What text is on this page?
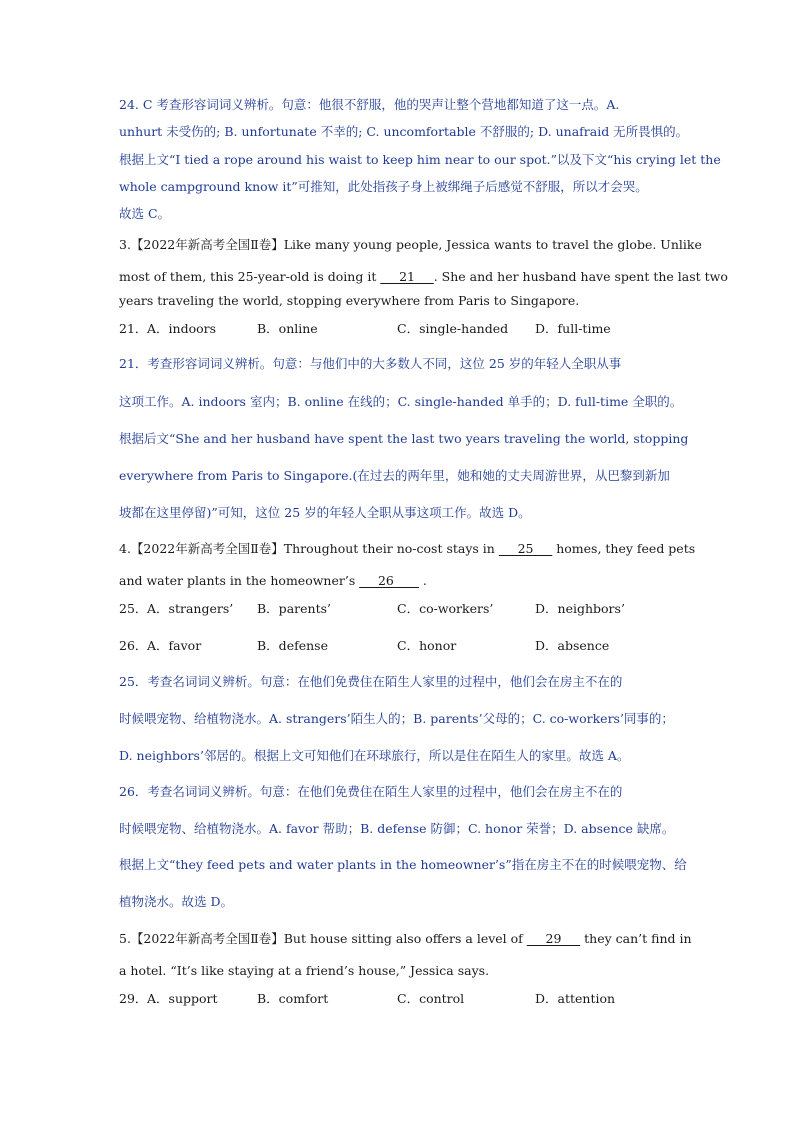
24. C 考查形容词词义辨析。句意：他很不舒服，他的哭声让整个营地都知道了这一点。A.
unhurt 未受伤的; B. unfortunate 不幸的; C. uncomfortable 不舒服的; D. unafraid 无所畏惧的。
根据上文“I tied a rope around his waist to keep him near to our spot.”以及下文“his crying let the
whole campground know it”可推知，此处指孩子身上被绑绳子后感觉不舒服，所以才会哭。
故选 C。
3.【2022年新高考全国Ⅱ卷】Like many young people, Jessica wants to travel the globe. Unlike
most of them, this 25-year-old is doing it ___21___. She and her husband have spent the last two
years traveling the world, stopping everywhere from Paris to Singapore.
21． A．indoors	B．online	C．single-handed D．full-time
21．考查形容词词义辨析。句意：与他们中的大多数人不同，这位 25 岁的年轻人全职从事
这项工作。A. indoors 室内；B. online 在线的；C. single-handed 单手的；D. full-time 全职的。
根据后文“She and her husband have spent the last two years traveling the world, stopping
everywhere from Paris to Singapore.(在过去的两年里，她和她的丈夫周游世界，从巴黎到新加
坡都在这里停留)”可知，这位 25 岁的年轻人全职从事这项工作。故选 D。
4.【2022年新高考全国Ⅱ卷】Throughout their no-cost stays in ___25___ homes, they feed pets
and water plants in the homeowner’s ___26____ .
25． A．strangers’ B．parents’	C．co-workers’	D．neighbors’
26． A．favor	B．defense	C．honor	D．absence
25．考查名词词义辨析。句意：在他们免费住在陌生人家里的过程中，他们会在房主不在的
时候喂宠物、给植物浇水。A. strangers’陌生人的；B. parents’父母的；C. co-workers’同事的；
D. neighbors’邻居的。根据上文可知他们在环球旅行，所以是住在陌生人的家里。故选 A。
26．考查名词词义辨析。句意：在他们免费住在陌生人家里的过程中，他们会在房主不在的
时候喂宠物、给植物浇水。A. favor 帮助；B. defense 防御；C. honor 荣誉；D. absence 缺席。
根据上文“they feed pets and water plants in the homeowner’s”指在房主不在的时候喂宠物、给
植物浇水。故选 D。
5.【2022年新高考全国Ⅱ卷】But house sitting also offers a level of ___29___ they can’t find in
a hotel. “It’s like staying at a friend’s house,” Jessica says.
29． A．support	B．comfort	C．control	D．attention
